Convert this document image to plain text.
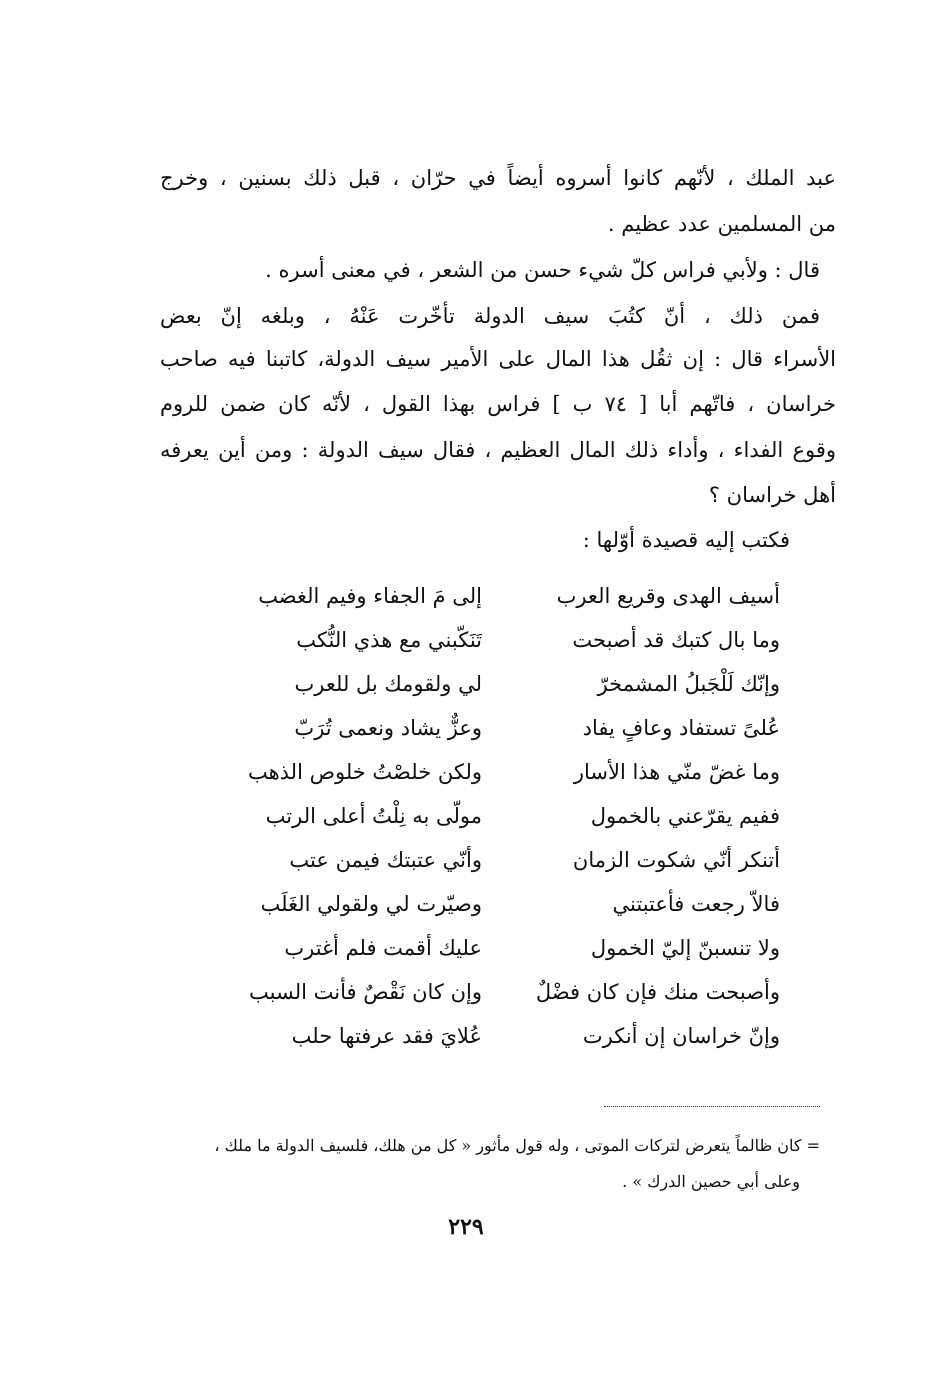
عبد الملك ، لأنّهم كانوا أسروه أيضاً في حرّان ، قبل ذلك بسنين ، وخرج
من المسلمين عدد عظيم .
قال : ولأبي فراس كلّ شيء حسن من الشعر ، في معنى أسره .
فمن ذلك ، أنّ كتُبَ سيف الدولة تأخّرت عَنْهُ ، وبلغه إنّ بعض
الأسراء قال : إن ثقُل هذا المال على الأمير سيف الدولة، كاتبنا فيه صاحب
خراسان ، فاتّهم أبا [ ٧٤ ب ] فراس بهذا القول ، لأنّه كان ضمن للروم
وقوع الفداء ، وأداء ذلك المال العظيم ، فقال سيف الدولة : ومن أين يعرفه
أهل خراسان ؟
فكتب إليه قصيدة أوّلها :
أسيف الهدى وقريع العرب
إلى مَ الجفاء وفيم الغضب
وما بال كتبك قد أصبحت
تَنَكّبني مع هذي النُّكب
وإنّك لَلْجَبلُ المشمخرّ
لي ولقومك بل للعرب
عُلىً تستفاد وعافٍ يفاد
وعزٌّ يشاد ونعمى تُرَبّ
وما غضّ منّي هذا الأسار
ولكن خلصْتُ خلوص الذهب
ففيم يقرّعني بالخمول
مولّى به نِلْتُ أعلى الرتب
أتنكر أنّي شكوت الزمان
وأنّي عتبتك فيمن عتب
فالاّ رجعت فأعتبتني
وصيّرت لي ولقولي الغَلَب
ولا تنسبنّ إليّ الخمول
عليك أقمت فلم أغترب
وأصبحت منك فإن كان فضْلٌ
وإن كان نَقْصٌ فأنت السبب
وإنّ خراسان إن أنكرت
عُلايَ فقد عرفتها حلب
= كان ظالماً يتعرض لتركات الموتى ، وله قول مأثور « كل من هلك، فلسيف الدولة ما ملك ،
وعلى أبي حصين الدرك » .
٢٢٩
